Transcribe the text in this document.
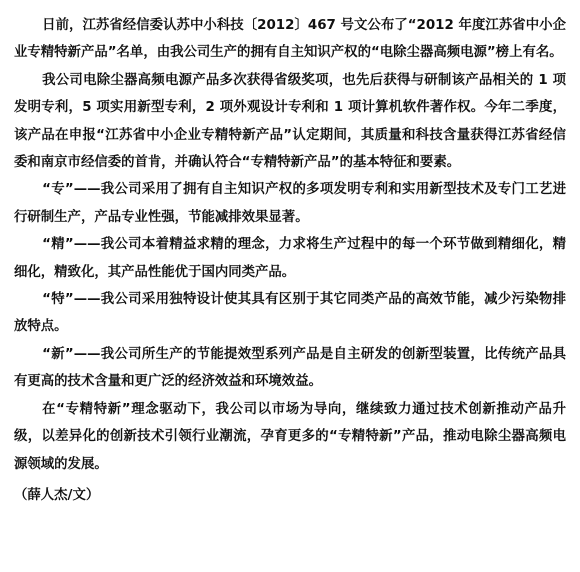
日前，江苏省经信委认苏中小科技〔2012〕467 号文公布了“2012 年度江苏省中小企业专精特新产品”名单，由我公司生产的拥有自主知识产权的“电除尘器高频电源”榜上有名。

我公司电除尘器高频电源产品多次获得省级奖项，也先后获得与研制该产品相关的 1 项发明专利，5 项实用新型专利，2 项外观设计专利和 1 项计算机软件著作权。今年二季度，该产品在申报“江苏省中小企业专精特新产品”认定期间，其质量和科技含量获得江苏省经信委和南京市经信委的首肯，并确认符合“专精特新产品”的基本特征和要素。

“专”——我公司采用了拥有自主知识产权的多项发明专利和实用新型技术及专门工艺进行研制生产，产品专业性强，节能减排效果显著。

“精”——我公司本着精益求精的理念，力求将生产过程中的每一个环节做到精细化，精细化，精致化，其产品性能优于国内同类产品。

“特”——我公司采用独特设计使其具有区别于其它同类产品的高效节能，减少污染物排放特点。

“新”——我公司所生产的节能提效型系列产品是自主研发的创新型装置，比传统产品具有更高的技术含量和更广泛的经济效益和环境效益。

在“专精特新”理念驱动下，我公司以市场为导向，继续致力通过技术创新推动产品升级，以差异化的创新技术引领行业潮流，孕育更多的“专精特新”产品，推动电除尘器高频电源领域的发展。

（薛人杰/文）
